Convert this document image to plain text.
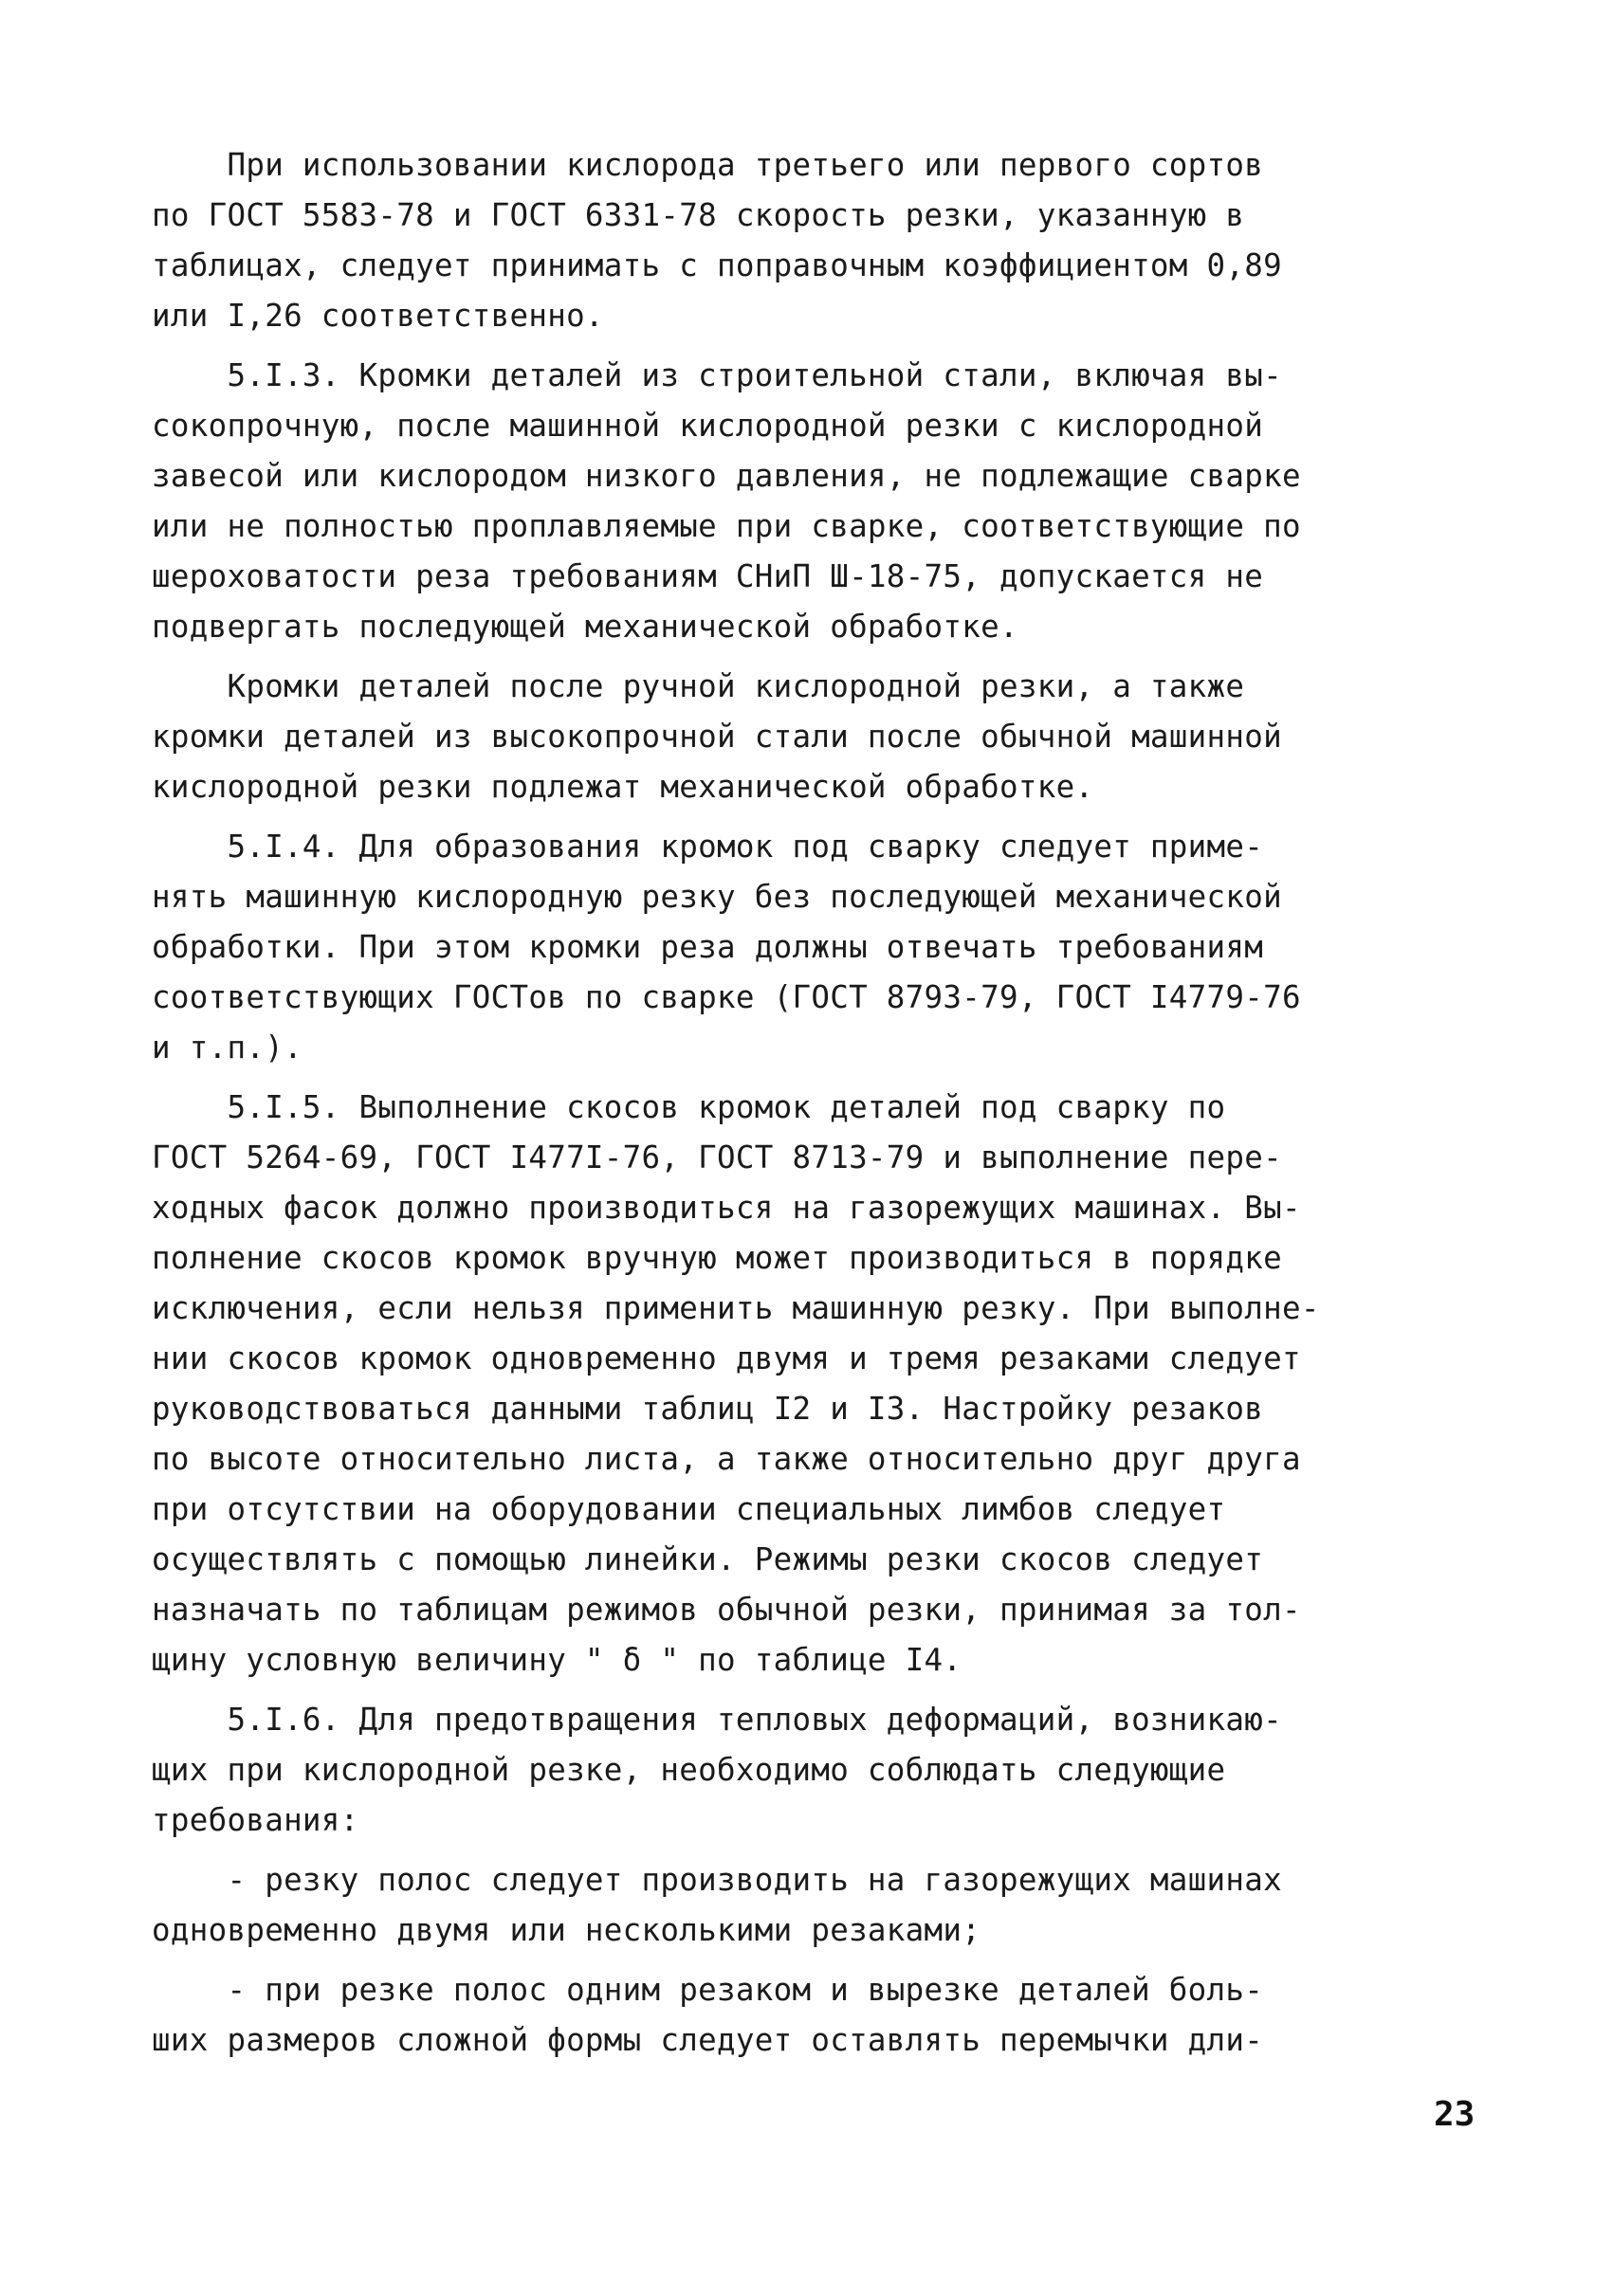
При использовании кислорода третьего или первого сортов
по ГОСТ 5583-78 и ГОСТ 6331-78 скорость резки, указанную в
таблицах, следует принимать с поправочным коэффициентом 0,89
или I,26 соответственно.

5.I.3. Кромки деталей из строительной стали, включая вы-
сокопрочную, после машинной кислородной резки с кислородной
завесой или кислородом низкого давления, не подлежащие сварке
или не полностью проплавляемые при сварке, соответствующие по
шероховатости реза требованиям СНиП Ш-18-75, допускается не
подвергать последующей механической обработке.

Кромки деталей после ручной кислородной резки, а также
кромки деталей из высокопрочной стали после обычной машинной
кислородной резки подлежат механической обработке.

5.I.4. Для образования кромок под сварку следует приме-
нять машинную кислородную резку без последующей механической
обработки. При этом кромки реза должны отвечать требованиям
соответствующих ГОСТов по сварке (ГОСТ 8793-79, ГОСТ I4779-76
и т.п.).

5.I.5. Выполнение скосов кромок деталей под сварку по
ГОСТ 5264-69, ГОСТ I477I-76, ГОСТ 8713-79 и выполнение пере-
ходных фасок должно производиться на газорежущих машинах. Вы-
полнение скосов кромок вручную может производиться в порядке
исключения, если нельзя применить машинную резку. При выполне-
нии скосов кромок одновременно двумя и тремя резаками следует
руководствоваться данными таблиц I2 и I3. Настройку резаков
по высоте относительно листа, а также относительно друг друга
при отсутствии на оборудовании специальных лимбов следует
осуществлять с помощью линейки. Режимы резки скосов следует
назначать по таблицам режимов обычной резки, принимая за тол-
щину условную величину " δ " по таблице I4.

5.I.6. Для предотвращения тепловых деформаций, возникаю-
щих при кислородной резке, необходимо соблюдать следующие
требования:

- резку полос следует производить на газорежущих машинах
одновременно двумя или несколькими резаками;

- при резке полос одним резаком и вырезке деталей боль-
ших размеров сложной формы следует оставлять перемычки дли-

23
